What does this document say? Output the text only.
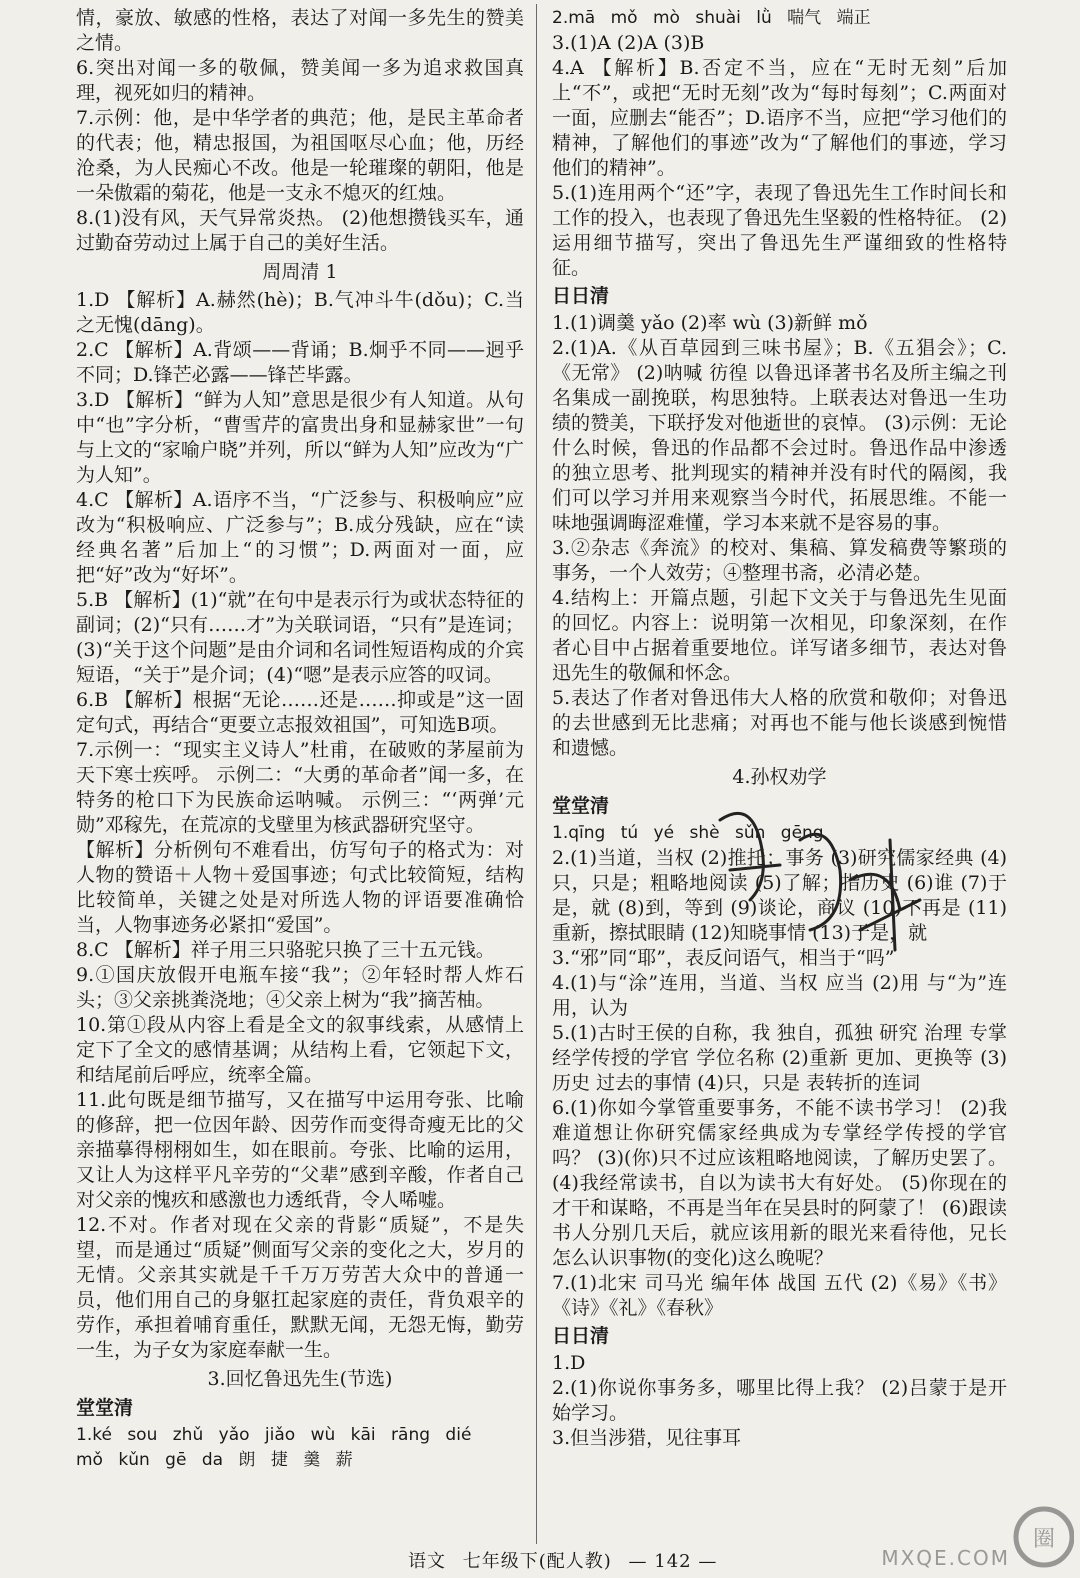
情，豪放、敏感的性格，表达了对闻一多先生的赞美之情。
6.突出对闻一多的敬佩，赞美闻一多为追求救国真理，视死如归的精神。
7.示例：他，是中华学者的典范；他，是民主革命者的代表；他，精忠报国，为祖国呕尽心血；他，历经沧桑，为人民痴心不改。他是一轮璀璨的朝阳，他是一朵傲霜的菊花，他是一支永不熄灭的红烛。
8.(1)没有风，天气异常炎热。 (2)他想攒钱买车，通过勤奋劳动过上属于自己的美好生活。
周周清 1
1.D 【解析】A.赫然(hè)；B.气冲斗牛(dǒu)；C.当之无愧(dāng)。
2.C 【解析】A.背颂——背诵；B.炯乎不同——迥乎不同；D.锋芒必露——锋芒毕露。
3.D 【解析】“鲜为人知”意思是很少有人知道。从句中“也”字分析，“曹雪芹的富贵出身和显赫家世”一句与上文的“家喻户晓”并列，所以“鲜为人知”应改为“广为人知”。
4.C 【解析】A.语序不当，“广泛参与、积极响应”应改为“积极响应、广泛参与”；B.成分残缺，应在“读经典名著”后加上“的习惯”；D.两面对一面，应把“好”改为“好坏”。
5.B 【解析】(1)“就”在句中是表示行为或状态特征的副词；(2)“只有……才”为关联词语，“只有”是连词；(3)“关于这个问题”是由介词和名词性短语构成的介宾短语，“关于”是介词；(4)“嗯”是表示应答的叹词。
6.B 【解析】根据“无论……还是……抑或是”这一固定句式，再结合“更要立志报效祖国”，可知选B项。
7.示例一：“现实主义诗人”杜甫，在破败的茅屋前为天下寒士疾呼。 示例二：“大勇的革命者”闻一多，在特务的枪口下为民族命运呐喊。 示例三：“‘两弹’元勋”邓稼先，在荒凉的戈壁里为核武器研究坚守。
【解析】分析例句不难看出，仿写句子的格式为：对人物的赞语＋人物＋爱国事迹；句式比较简短，结构比较简单，关键之处是对所选人物的评语要准确恰当，人物事迹务必紧扣“爱国”。
8.C 【解析】祥子用三只骆驼只换了三十五元钱。
9.①国庆放假开电瓶车接“我”；②年轻时帮人炸石头；③父亲挑粪浇地；④父亲上树为“我”摘苦柚。
10.第①段从内容上看是全文的叙事线索，从感情上定下了全文的感情基调；从结构上看，它领起下文，和结尾前后呼应，统率全篇。
11.此句既是细节描写，又在描写中运用夸张、比喻的修辞，把一位因年龄、因劳作而变得奇瘦无比的父亲描摹得栩栩如生，如在眼前。夸张、比喻的运用，又让人为这样平凡辛劳的“父辈”感到辛酸，作者自己对父亲的愧疚和感激也力透纸背，令人唏嘘。
12.不对。作者对现在父亲的背影“质疑”，不是失望，而是通过“质疑”侧面写父亲的变化之大，岁月的无情。父亲其实就是千千万万劳苦大众中的普通一员，他们用自己的身躯扛起家庭的责任，背负艰辛的劳作，承担着哺育重任，默默无闻，无怨无悔，勤劳一生，为子女为家庭奉献一生。
3.回忆鲁迅先生(节选)
堂堂清
1.ké sou zhǔ yǎo jiǎo wù kāi rāng dié
mǒ kǔn gē da 朗 捷 羹 薪
2.mā mǒ mò shuài lǜ 喘气 端正
3.(1)A (2)A (3)B
4.A 【解析】B.否定不当，应在“无时无刻”后加上“不”，或把“无时无刻”改为“每时每刻”；C.两面对一面，应删去“能否”；D.语序不当，应把“学习他们的精神，了解他们的事迹”改为“了解他们的事迹，学习他们的精神”。
5.(1)连用两个“还”字，表现了鲁迅先生工作时间长和工作的投入，也表现了鲁迅先生坚毅的性格特征。 (2)运用细节描写，突出了鲁迅先生严谨细致的性格特征。
日日清
1.(1)调羹 yǎo (2)率 wù (3)新鲜 mǒ
2.(1)A.《从百草园到三味书屋》；B.《五猖会》；C.《无常》 (2)呐喊 彷徨 以鲁迅译著书名及所主编之刊名集成一副挽联，构思独特。上联表达对鲁迅一生功绩的赞美，下联抒发对他逝世的哀悼。 (3)示例：无论什么时候，鲁迅的作品都不会过时。鲁迅作品中渗透的独立思考、批判现实的精神并没有时代的隔阂，我们可以学习并用来观察当今时代，拓展思维。不能一味地强调晦涩难懂，学习本来就不是容易的事。
3.②杂志《奔流》的校对、集稿、算发稿费等繁琐的事务，一个人效劳；④整理书斋，必清必楚。
4.结构上：开篇点题，引起下文关于与鲁迅先生见面的回忆。内容上：说明第一次相见，印象深刻，在作者心目中占据着重要地位。详写诸多细节，表达对鲁迅先生的敬佩和怀念。
5.表达了作者对鲁迅伟大人格的欣赏和敬仰；对鲁迅的去世感到无比悲痛；对再也不能与他长谈感到惋惜和遗憾。
4.孙权劝学
堂堂清
1.qīng tú yé shè sǔn gēng
2.(1)当道，当权 (2)推托；事务 (3)研究儒家经典 (4)只，只是；粗略地阅读 (5)了解；指历史 (6)谁 (7)于是，就 (8)到，等到 (9)谈论，商议 (10)不再是 (11)重新，擦拭眼睛 (12)知晓事情 (13)于是，就
3.“邪”同“耶”，表反问语气，相当于“吗”
4.(1)与“涂”连用，当道、当权 应当 (2)用 与“为”连用，认为
5.(1)古时王侯的自称，我 独自，孤独 研究 治理 专掌经学传授的学官 学位名称 (2)重新 更加、更换等 (3)历史 过去的事情 (4)只，只是 表转折的连词
6.(1)你如今掌管重要事务，不能不读书学习！ (2)我难道想让你研究儒家经典成为专掌经学传授的学官吗？ (3)(你)只不过应该粗略地阅读，了解历史罢了。 (4)我经常读书，自以为读书大有好处。 (5)你现在的才干和谋略，不再是当年在吴县时的阿蒙了！ (6)跟读书人分别几天后，就应该用新的眼光来看待他，兄长怎么认识事物(的变化)这么晚呢？
7.(1)北宋 司马光 编年体 战国 五代 (2)《易》《书》《诗》《礼》《春秋》
日日清
1.D
2.(1)你说你事务多，哪里比得上我？ (2)吕蒙于是开始学习。
3.但当涉猎，见往事耳
语文 七年级下(配人教) — 142 —	MXQE.COM
圈
